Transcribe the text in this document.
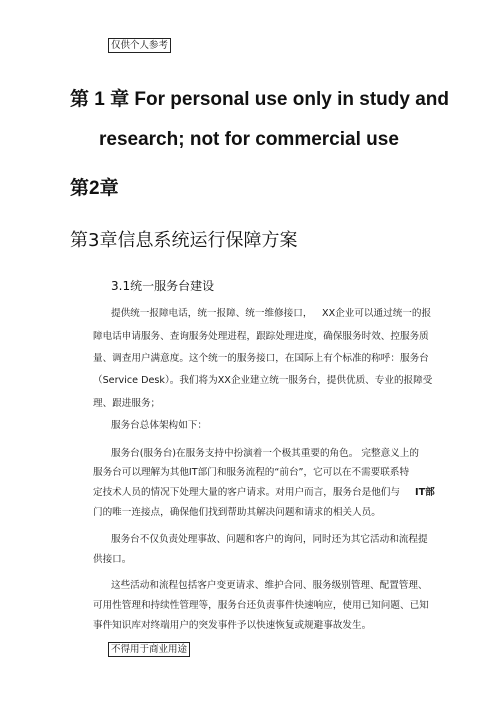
仅供个人参考
第 1 章 For personal use only in study and
research; not for commercial use
第2章
第3章信息系统运行保障方案
3.1统一服务台建设
提供统一报障电话，统一报障、统一维修接口， XX企业可以通过统一的报
障电话申请服务、查询服务处理进程，跟踪处理进度，确保服务时效、控服务质
量、调查用户满意度。这个统一的服务接口，在国际上有个标准的称呼：服务台
（Service Desk）。我们将为XX企业建立统一服务台，提供优质、专业的报障受
理、跟进服务；
服务台总体架构如下：
服务台(服务台)在服务支持中扮演着一个极其重要的角色。 完整意义上的
服务台可以理解为其他IT部门和服务流程的“前台”，它可以在不需要联系特
定技术人员的情况下处理大量的客户请求。对用户而言，服务台是他们与 IT部
门的唯一连接点，确保他们找到帮助其解决问题和请求的相关人员。
服务台不仅负责处理事故、问题和客户的询问，同时还为其它活动和流程提
供接口。
这些活动和流程包括客户变更请求、维护合同、服务级别管理、配置管理、
可用性管理和持续性管理等，服务台还负责事件快速响应，使用已知问题、已知
事件知识库对终端用户的突发事件予以快速恢复或规避事故发生。
不得用于商业用途
